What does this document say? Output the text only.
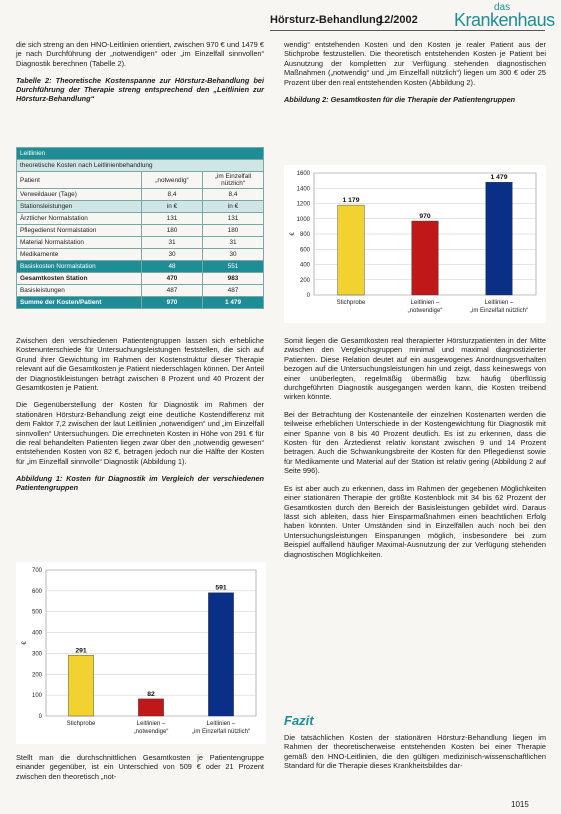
Hörsturz-Behandlung
12/2002
das
Krankenhaus

die sich streng an den HNO-Leitlinien orientiert, zwischen 970 € und 1479 € je nach Durchführung der „notwendigen“ oder „im Einzelfall sinnvollen“ Diagnostik berechnen (Tabelle 2).

Tabelle 2: Theoretische Kostenspanne zur Hörsturz-Behandlung bei Durchführung der Therapie streng entsprechend den „Leitlinien zur Hörsturz-Behandlung“

Leitlinien		
theoretische Kosten nach Leitlinienbehandlung		
Patient	„notwendig“	„im Einzelfall nützlich“
Verweildauer (Tage)	8,4	8,4
Stationsleistungen	in €	in €
Ärztlicher Normalstation	131	131
Pflegedienst Normalstation	180	180
Material Normalstation	31	31
Medikamente	30	30
Basiskosten Normalstation	48	551
Gesamtkosten Station	470	983
Basisleistungen	487	487
Summe der Kosten/Patient	970	1 479

Zwischen den verschiedenen Patientengruppen lassen sich erhebliche Kostenunterschiede für Untersuchungsleistungen feststellen, die sich auf Grund ihrer Gewichtung im Rahmen der Kostenstruktur dieser Therapie relevant auf die Gesamtkosten je Patient niederschlagen können. Der Anteil der Diagnostikleistungen beträgt zwischen 8 Prozent und 40 Prozent der Gesamtkosten je Patient.

Die Gegenüberstellung der Kosten für Diagnostik im Rahmen der stationären Hörsturz-Behandlung zeigt eine deutliche Kostendifferenz mit dem Faktor 7,2 zwischen der laut Leitlinien „notwendigen“ und „im Einzelfall sinnvollen“ Untersuchungen. Die errechneten Kosten in Höhe von 291 € für die real behandelten Patienten liegen zwar über den „notwendig gewesen“ entstehenden Kosten von 82 €, betragen jedoch nur die Hälfte der Kosten für „im Einzelfall sinnvolle“ Diagnostik (Abbildung 1).

Abbildung 1: Kosten für Diagnostik im Vergleich der verschiedenen Patientengruppen

0
100
200
300
400
500
600
700
€
291
Stichprobe
82
Leitlinien –
„notwendige“
591
Leitlinien –
„im Einzelfall nützlich“

Stellt man die durchschnittlichen Gesamtkosten je Patientengruppe einander gegenüber, ist ein Unterschied von 509 € oder 21 Prozent zwischen den theoretisch „not-

wendig“ entstehenden Kosten und den Kosten je realer Patient aus der Stichprobe festzustellen. Die theoretisch entstehenden Kosten je Patient bei Ausnutzung der kompletten zur Verfügung stehenden diagnostischen Maßnahmen („notwendig“ und „im Einzelfall nützlich“) liegen um 300 € oder 25 Prozent über den real entstehenden Kosten (Abbildung 2).

Abbildung 2: Gesamtkosten für die Therapie der Patientengruppen

0
200
400
600
800
1000
1200
1400
1600
€
1 179
Stichprobe
970
Leitlinien –
„notwendige“
1 479
Leitlinien –
„im Einzelfall nützlich“

Somit liegen die Gesamtkosten real therapierter Hörsturzpatienten in der Mitte zwischen den Vergleichsgruppen minimal und maximal diagnostizierter Patienten. Diese Relation deutet auf ein ausgewogenes Anordnungsverhalten bezogen auf die Untersuchungsleistungen hin und zeigt, dass keineswegs von einer unüberlegten, regelmäßig übermäßig bzw. häufig überflüssig durchgeführten Diagnostik ausgegangen werden kann, die Kosten treibend wirken könnte.

Bei der Betrachtung der Kostenanteile der einzelnen Kostenarten werden die teilweise erheblichen Unterschiede in der Kostengewichtung für Diagnostik mit einer Spanne von 8 bis 40 Prozent deutlich. Es ist zu erkennen, dass die Kosten für den Ärztedienst relativ konstant zwischen 9 und 14 Prozent betragen. Auch die Schwankungsbreite der Kosten für den Pflegedienst sowie für Medikamente und Material auf der Station ist relativ gering (Abbildung 2 auf Seite 996).

Es ist aber auch zu erkennen, dass im Rahmen der gegebenen Möglichkeiten einer stationären Therapie der größte Kostenblock mit 34 bis 62 Prozent der Gesamtkosten durch den Bereich der Basisleistungen gebildet wird. Daraus lässt sich ableiten, dass hier Einsparmaßnahmen einen beachtlichen Erfolg haben könnten. Unter Umständen sind in Einzelfällen auch noch bei den Untersuchungsleistungen Einsparungen möglich, insbesondere bei zum Beispiel auffallend häufiger Maximal-Ausnutzung der zur Verfügung stehenden diagnostischen Möglichkeiten.

Fazit

Die tatsächlichen Kosten der stationären Hörsturz-Behandlung liegen im Rahmen der theoretischerweise entstehenden Kosten bei einer Therapie gemäß den HNO-Leitlinien, die den gültigen medizinisch-wissenschaftlichen Standard für die Therapie dieses Krankheitsbildes dar-

1015
